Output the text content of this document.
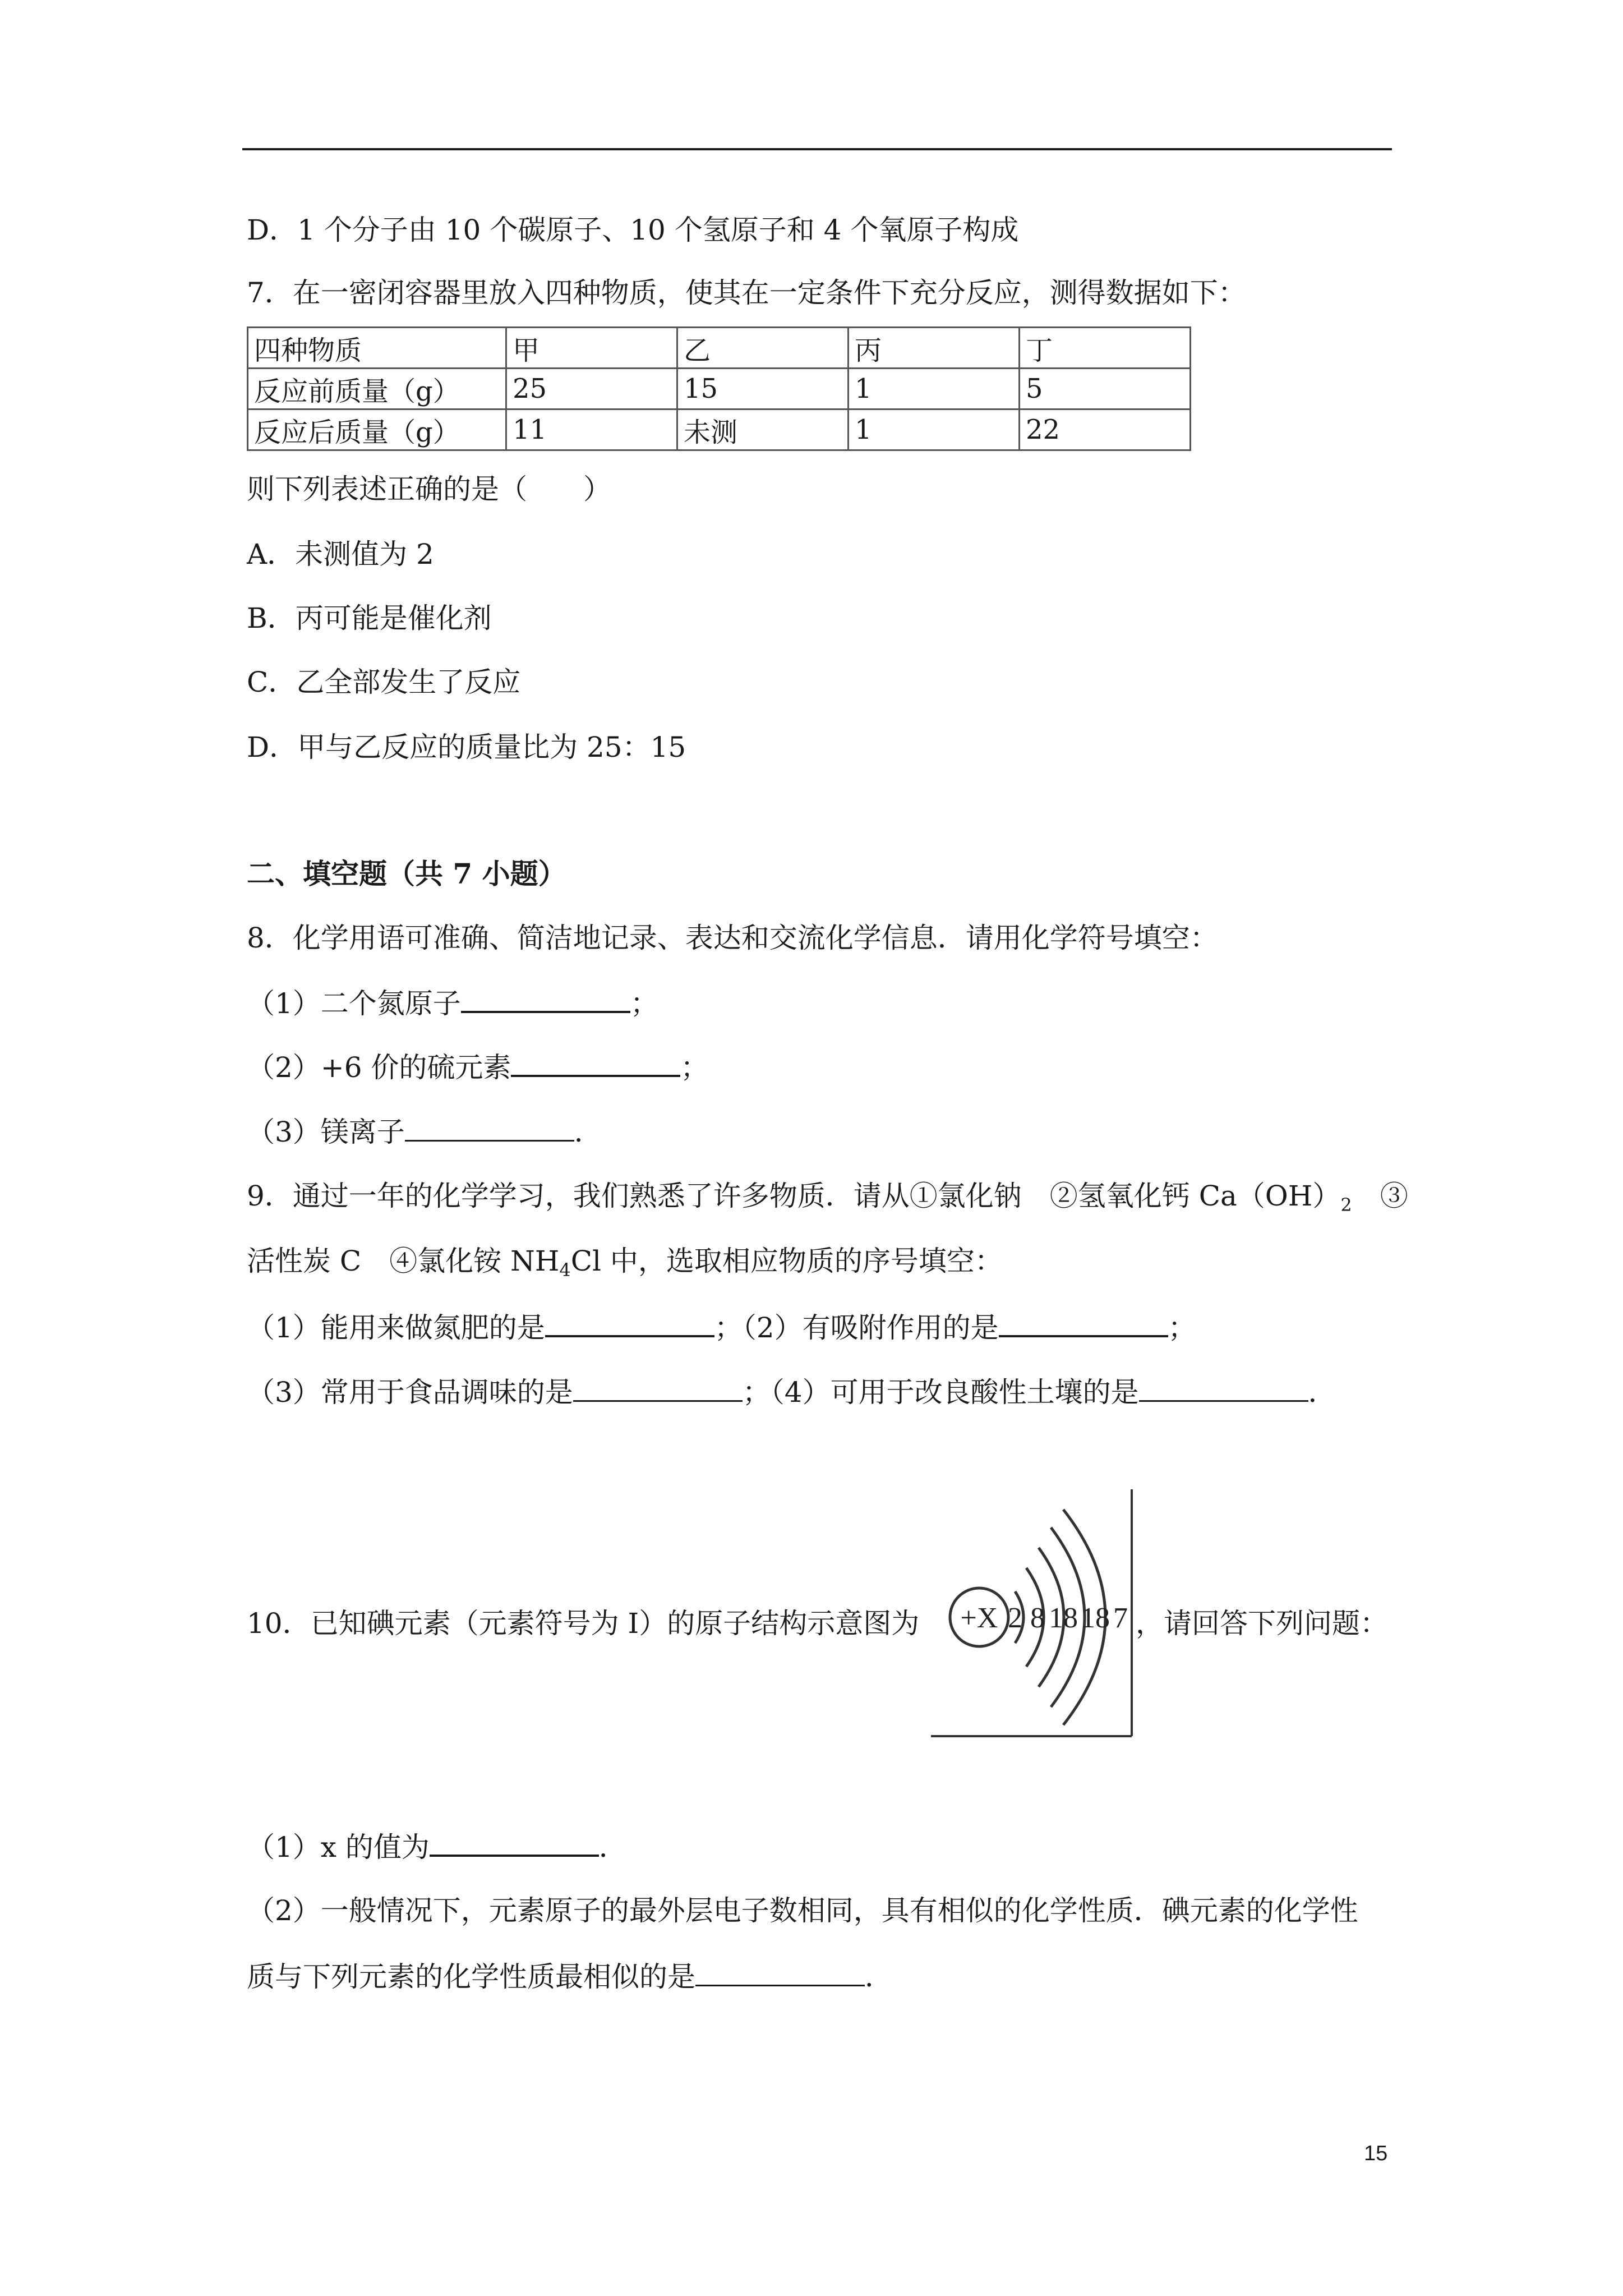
D．1 个分子由 10 个碳原子、10 个氢原子和 4 个氧原子构成
7．在一密闭容器里放入四种物质，使其在一定条件下充分反应，测得数据如下：
四种物质	甲	乙	丙	丁
反应前质量（g）	25	15	1	5
反应后质量（g）	11	未测	1	22
则下列表述正确的是（　　）
A．未测值为 2
B．丙可能是催化剂
C．乙全部发生了反应
D．甲与乙反应的质量比为 25：15
二、填空题（共 7 小题）
8．化学用语可准确、简洁地记录、表达和交流化学信息．请用化学符号填空：
（1）二个氮原子	；
（2）+6 价的硫元素	；
（3）镁离子	．
9．通过一年的化学学习，我们熟悉了许多物质．请从①氯化钠　②氢氧化钙 $Ca(OH)_2$　③
活性炭 C　④氯化铵 $NH_4Cl$ 中，选取相应物质的序号填空：
（1）能用来做氮肥的是	；（2）有吸附作用的是	；
（3）常用于食品调味的是	；（4）可用于改良酸性土壤的是	．
10．已知碘元素（元素符号为 I）的原子结构示意图为	，请回答下列问题：
+X 2 8 18 18 7
（1）x 的值为	．
（2）一般情况下，元素原子的最外层电子数相同，具有相似的化学性质．碘元素的化学性
质与下列元素的化学性质最相似的是	．
15
